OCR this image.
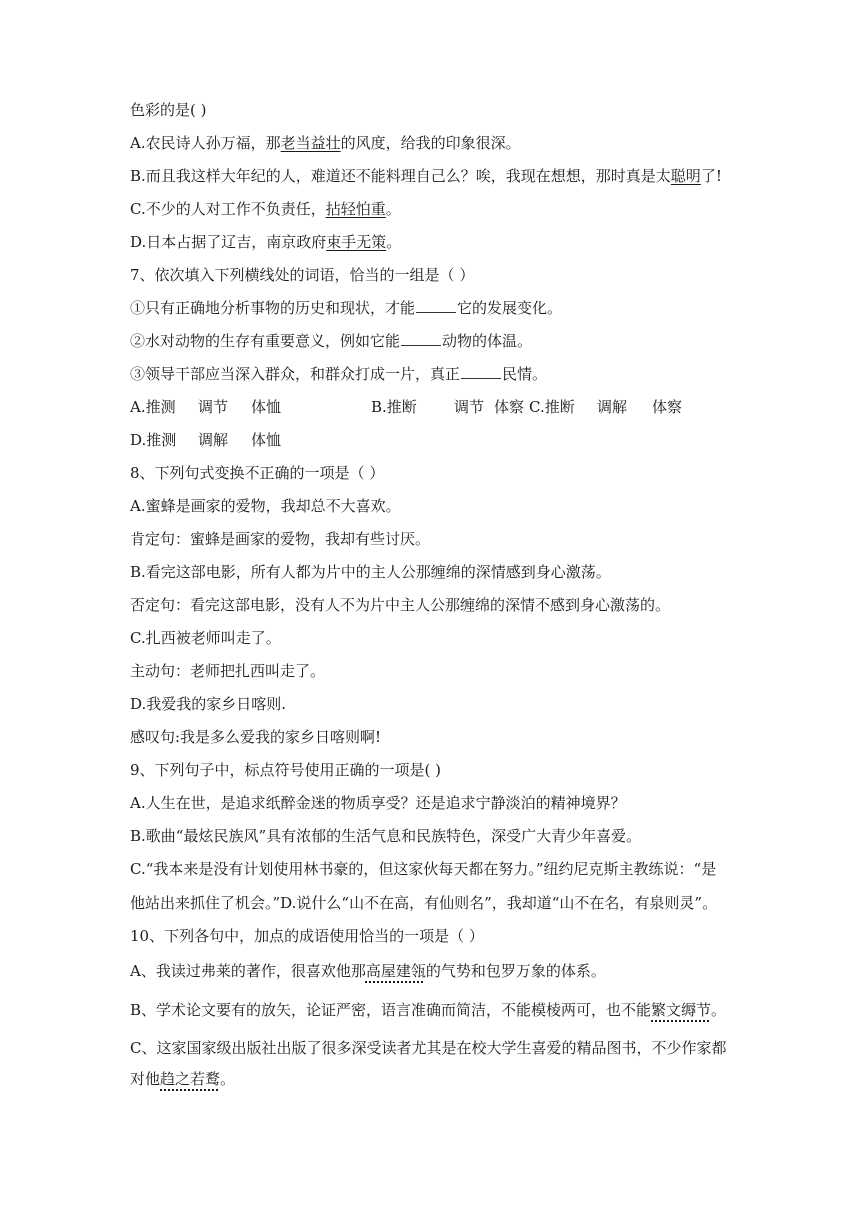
色彩的是( )
A.农民诗人孙万福，那老当益壮的风度，给我的印象很深。
B.而且我这样大年纪的人，难道还不能料理自己么？唉，我现在想想，那时真是太聪明了!
C.不少的人对工作不负责任，拈轻怕重。
D.日本占据了辽吉，南京政府束手无策。
7、依次填入下列横线处的词语，恰当的一组是（ ）
①只有正确地分析事物的历史和现状，才能	它的发展变化。
②水对动物的生存有重要意义，例如它能	动物的体温。
③领导干部应当深入群众，和群众打成一片，真正	民情。
A.推测 调节 体恤	B.推断 调节 体察 C.推断 调解 体察
D.推测 调解 体恤
8、下列句式变换不正确的一项是（ ）
A.蜜蜂是画家的爱物，我却总不大喜欢。
肯定句：蜜蜂是画家的爱物，我却有些讨厌。
B.看完这部电影，所有人都为片中的主人公那缠绵的深情感到身心激荡。
否定句：看完这部电影，没有人不为片中主人公那缠绵的深情不感到身心激荡的。
C.扎西被老师叫走了。
主动句：老师把扎西叫走了。
D.我爱我的家乡日喀则.
感叹句:我是多么爱我的家乡日喀则啊!
9、下列句子中，标点符号使用正确的一项是( )
A.人生在世，是追求纸醉金迷的物质享受？还是追求宁静淡泊的精神境界？
B.歌曲“最炫民族风”具有浓郁的生活气息和民族特色，深受广大青少年喜爱。
C.“我本来是没有计划使用林书豪的，但这家伙每天都在努力。”纽约尼克斯主教练说：“是
他站出来抓住了机会。”D.说什么“山不在高，有仙则名”，我却道“山不在名，有泉则灵”。
10、下列各句中，加点的成语使用恰当的一项是（ ）
A、我读过弗莱的著作，很喜欢他那高屋建瓴的气势和包罗万象的体系。
B、学术论文要有的放矢，论证严密，语言准确而简洁，不能模棱两可，也不能繁文缛节。
C、这家国家级出版社出版了很多深受读者尤其是在校大学生喜爱的精品图书，不少作家都
对他趋之若鹜。
